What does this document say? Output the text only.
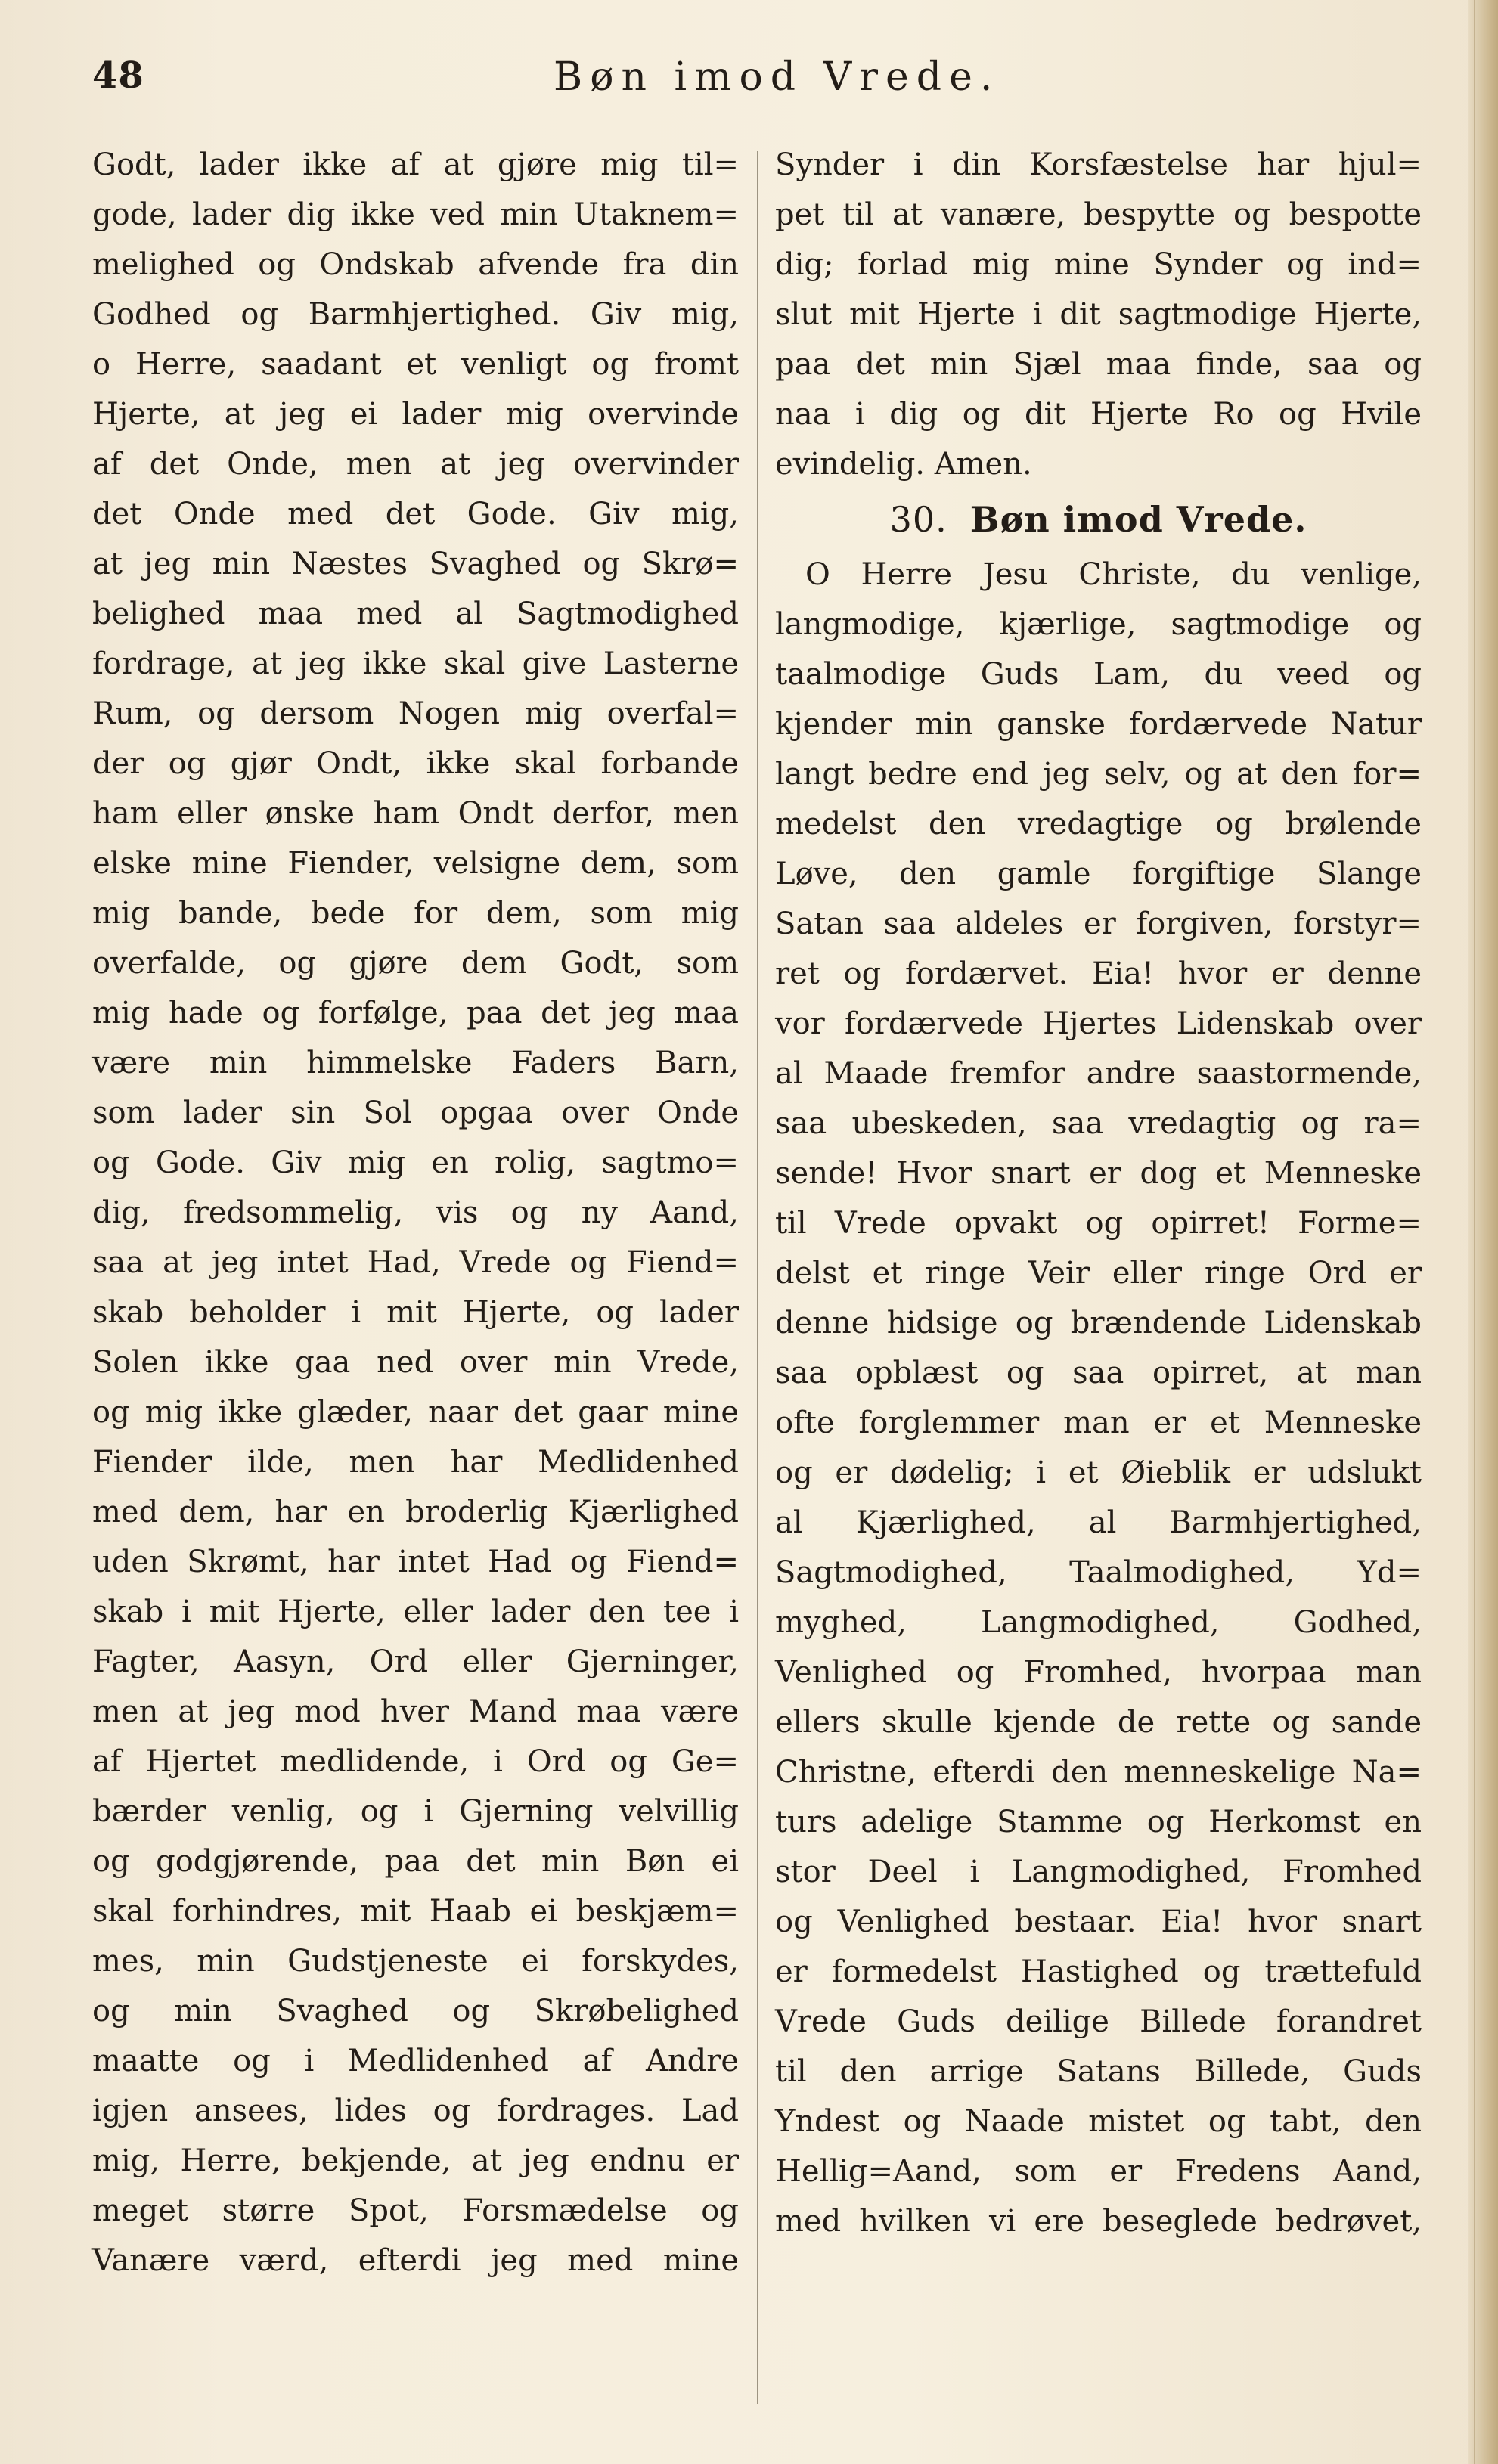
48	Bøn imod Vrede.
Godt, lader ikke af at gjøre mig til=
gode, lader dig ikke ved min Utaknem=
melighed og Ondskab afvende fra din
Godhed og Barmhjertighed. Giv mig,
o Herre, saadant et venligt og fromt
Hjerte, at jeg ei lader mig overvinde
af det Onde, men at jeg overvinder
det Onde med det Gode. Giv mig,
at jeg min Næstes Svaghed og Skrø=
belighed maa med al Sagtmodighed
fordrage, at jeg ikke skal give Lasterne
Rum, og dersom Nogen mig overfal=
der og gjør Ondt, ikke skal forbande
ham eller ønske ham Ondt derfor, men
elske mine Fiender, velsigne dem, som
mig bande, bede for dem, som mig
overfalde, og gjøre dem Godt, som
mig hade og forfølge, paa det jeg maa
være min himmelske Faders Barn,
som lader sin Sol opgaa over Onde
og Gode. Giv mig en rolig, sagtmo=
dig, fredsommelig, vis og ny Aand,
saa at jeg intet Had, Vrede og Fiend=
skab beholder i mit Hjerte, og lader
Solen ikke gaa ned over min Vrede,
og mig ikke glæder, naar det gaar mine
Fiender ilde, men har Medlidenhed
med dem, har en broderlig Kjærlighed
uden Skrømt, har intet Had og Fiend=
skab i mit Hjerte, eller lader den tee i
Fagter, Aasyn, Ord eller Gjerninger,
men at jeg mod hver Mand maa være
af Hjertet medlidende, i Ord og Ge=
bærder venlig, og i Gjerning velvillig
og godgjørende, paa det min Bøn ei
skal forhindres, mit Haab ei beskjæm=
mes, min Gudstjeneste ei forskydes,
og min Svaghed og Skrøbelighed
maatte og i Medlidenhed af Andre
igjen ansees, lides og fordrages. Lad
mig, Herre, bekjende, at jeg endnu er
meget større Spot, Forsmædelse og
Vanære værd, efterdi jeg med mine
Synder i din Korsfæstelse har hjul=
pet til at vanære, bespytte og bespotte
dig; forlad mig mine Synder og ind=
slut mit Hjerte i dit sagtmodige Hjerte,
paa det min Sjæl maa finde, saa og
naa i dig og dit Hjerte Ro og Hvile
evindelig. Amen.
30. Bøn imod Vrede.
O Herre Jesu Christe, du venlige,
langmodige, kjærlige, sagtmodige og
taalmodige Guds Lam, du veed og
kjender min ganske fordærvede Natur
langt bedre end jeg selv, og at den for=
medelst den vredagtige og brølende
Løve, den gamle forgiftige Slange
Satan saa aldeles er forgiven, forstyr=
ret og fordærvet. Eia! hvor er denne
vor fordærvede Hjertes Lidenskab over
al Maade fremfor andre saastormende,
saa ubeskeden, saa vredagtig og ra=
sende! Hvor snart er dog et Menneske
til Vrede opvakt og opirret! Forme=
delst et ringe Veir eller ringe Ord er
denne hidsige og brændende Lidenskab
saa opblæst og saa opirret, at man
ofte forglemmer man er et Menneske
og er dødelig; i et Øieblik er udslukt
al Kjærlighed, al Barmhjertighed,
Sagtmodighed, Taalmodighed, Yd=
myghed, Langmodighed, Godhed,
Venlighed og Fromhed, hvorpaa man
ellers skulle kjende de rette og sande
Christne, efterdi den menneskelige Na=
turs adelige Stamme og Herkomst en
stor Deel i Langmodighed, Fromhed
og Venlighed bestaar. Eia! hvor snart
er formedelst Hastighed og trættefuld
Vrede Guds deilige Billede forandret
til den arrige Satans Billede, Guds
Yndest og Naade mistet og tabt, den
Hellig=Aand, som er Fredens Aand,
med hvilken vi ere beseglede bedrøvet,
